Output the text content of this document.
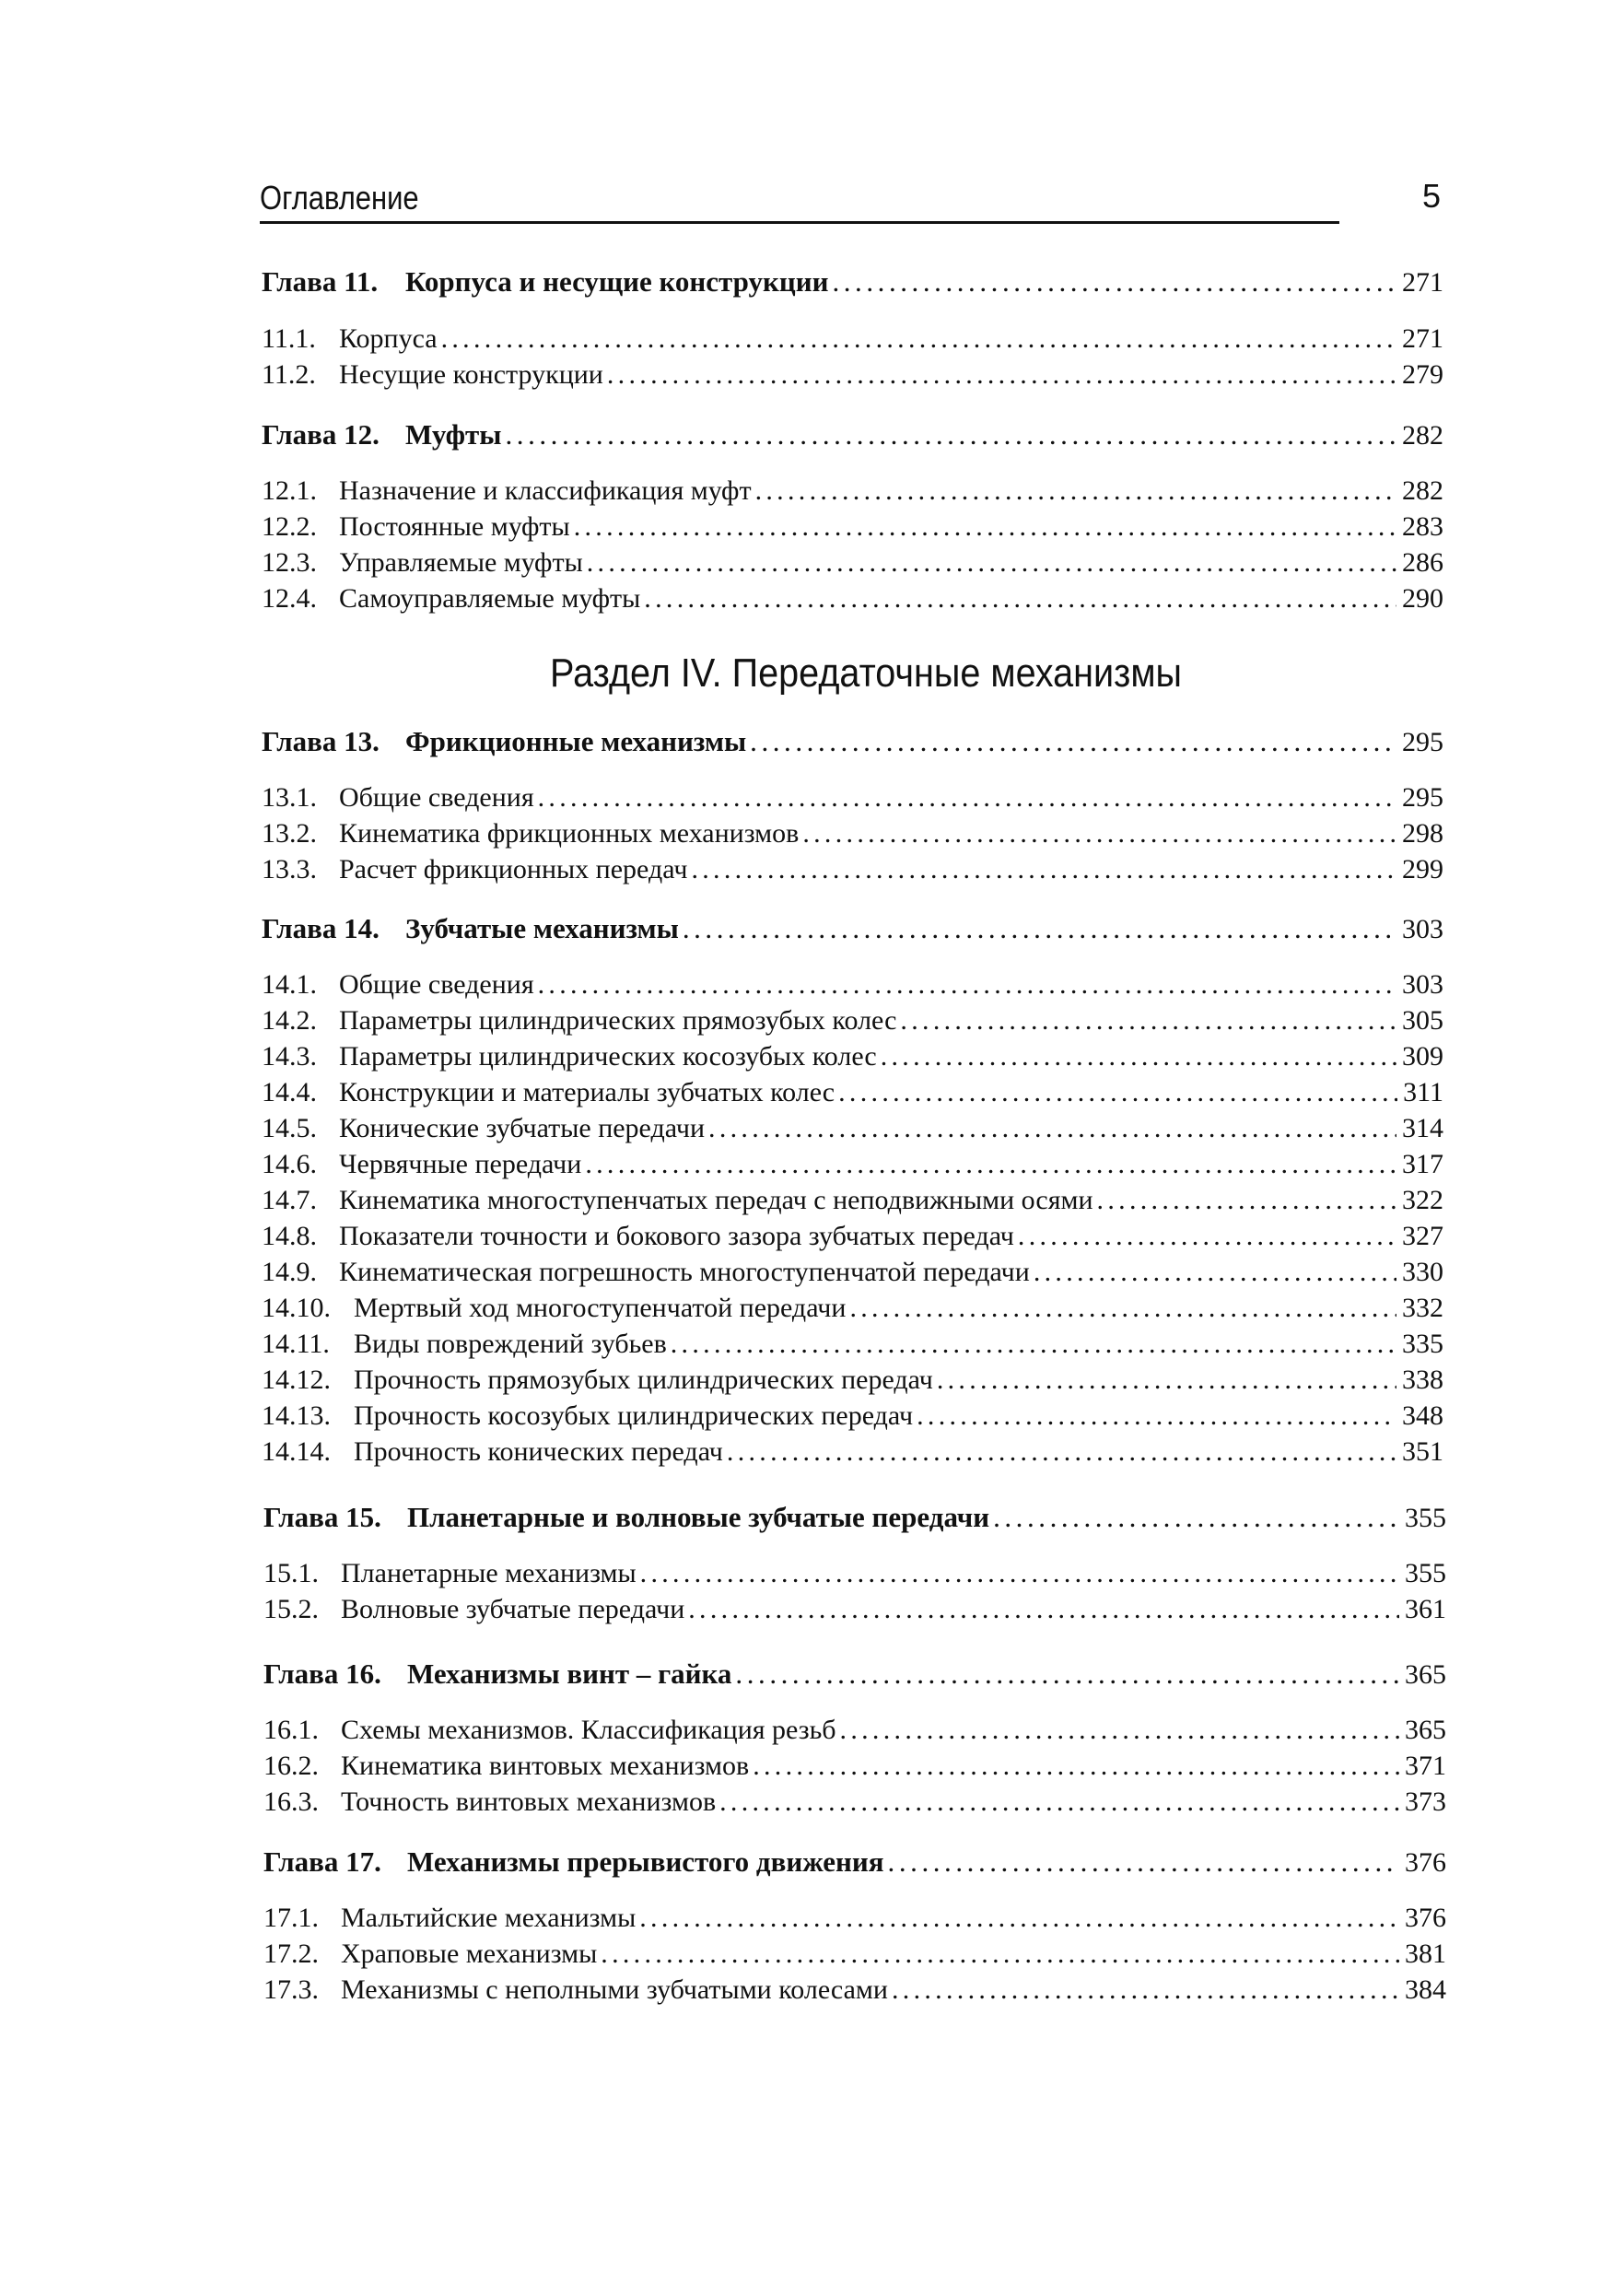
Оглавление	5
Глава 11. Корпуса и несущие конструкции . . .	271
11.1. Корпуса . . .	271
11.2. Несущие конструкции . . .	279
Глава 12. Муфты . . .	282
12.1. Назначение и классификация муфт . . .	282
12.2. Постоянные муфты . . .	283
12.3. Управляемые муфты . . .	286
12.4. Самоуправляемые муфты . . .	290
Раздел IV. Передаточные механизмы
Глава 13. Фрикционные механизмы . . .	295
13.1. Общие сведения . . .	295
13.2. Кинематика фрикционных механизмов . . .	298
13.3. Расчет фрикционных передач . . .	299
Глава 14. Зубчатые механизмы . . .	303
14.1. Общие сведения . . .	303
14.2. Параметры цилиндрических прямозубых колес . . .	305
14.3. Параметры цилиндрических косозубых колес . . .	309
14.4. Конструкции и материалы зубчатых колес . . .	311
14.5. Конические зубчатые передачи . . .	314
14.6. Червячные передачи . . .	317
14.7. Кинематика многоступенчатых передач с неподвижными осями . . .	322
14.8. Показатели точности и бокового зазора зубчатых передач . . .	327
14.9. Кинематическая погрешность многоступенчатой передачи . . .	330
14.10. Мертвый ход многоступенчатой передачи . . .	332
14.11. Виды повреждений зубьев . . .	335
14.12. Прочность прямозубых цилиндрических передач . . .	338
14.13. Прочность косозубых цилиндрических передач . . .	348
14.14. Прочность конических передач . . .	351
Глава 15. Планетарные и волновые зубчатые передачи . . .	355
15.1. Планетарные механизмы . . .	355
15.2. Волновые зубчатые передачи . . .	361
Глава 16. Механизмы винт – гайка . . .	365
16.1. Схемы механизмов. Классификация резьб . . .	365
16.2. Кинематика винтовых механизмов . . .	371
16.3. Точность винтовых механизмов . . .	373
Глава 17. Механизмы прерывистого движения . . .	376
17.1. Мальтийские механизмы . . .	376
17.2. Храповые механизмы . . .	381
17.3. Механизмы с неполными зубчатыми колесами . . .	384
